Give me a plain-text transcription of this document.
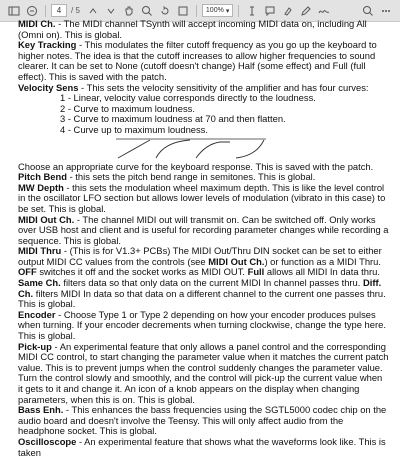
4	/ 5	100% ▾

MIDI Ch. - The MIDI channel TSynth will accept incoming MIDI data on, including All (Omni on). This is global.

Key Tracking - This modulates the filter cutoff frequency as you go up the keyboard to higher notes. The idea is that the cutoff increases to allow higher frequencies to sound clearer. It can be set to None (cutoff doesn't change) Half (some effect) and Full (full effect). This is saved with the patch.

Velocity Sens - This sets the velocity sensitivity of the amplifier and has four curves:

1 - Linear, velocity value corresponds directly to the loudness.

2 - Curve to maximum loudness.

3 - Curve to maximum loudness at 70 and then flatten.

4 - Curve up to maximum loudness.

Choose an appropriate curve for the keyboard response. This is saved with the patch.

Pitch Bend - this sets the pitch bend range in semitones. This is global.

MW Depth - this sets the modulation wheel maximum depth. This is like the level control in the oscillator LFO section but allows lower levels of modulation (vibrato in this case) to be set. This is global.

MIDI Out Ch. - The channel MIDI out will transmit on. Can be switched off. Only works over USB host and client and is useful for recording parameter changes while recording a sequence. This is global.

MIDI Thru - (This is for V1.3+ PCBs) The MIDI Out/Thru DIN socket can be set to either output MIDI CC values from the controls (see MIDI Out Ch.) or function as a MIDI Thru. OFF switches it off and the socket works as MIDI OUT. Full allows all MIDI In data thru. Same Ch. filters data so that only data on the current MIDI In channel passes thru. Diff. Ch. filters MIDI In data so that data on a different channel to the current one passes thru. This is global.

Encoder - Choose Type 1 or Type 2 depending on how your encoder produces pulses when turning. If your encoder decrements when turning clockwise, change the type here. This is global.

Pick-up - An experimental feature that only allows a panel control and the corresponding MIDI CC control, to start changing the parameter value when it matches the current patch value. This is to prevent jumps when the control suddenly changes the parameter value. Turn the control slowly and smoothly, and the control will pick-up the current value when it gets to it and change it. An icon of a knob appears on the display when changing parameters, when this is on. This is global.

Bass Enh. - This enhances the bass frequencies using the SGTL5000 codec chip on the audio board and doesn't involve the Teensy. This will only affect audio from the headphone socket. This is global.

Oscilloscope - An experimental feature that shows what the waveforms look like. This is taken
